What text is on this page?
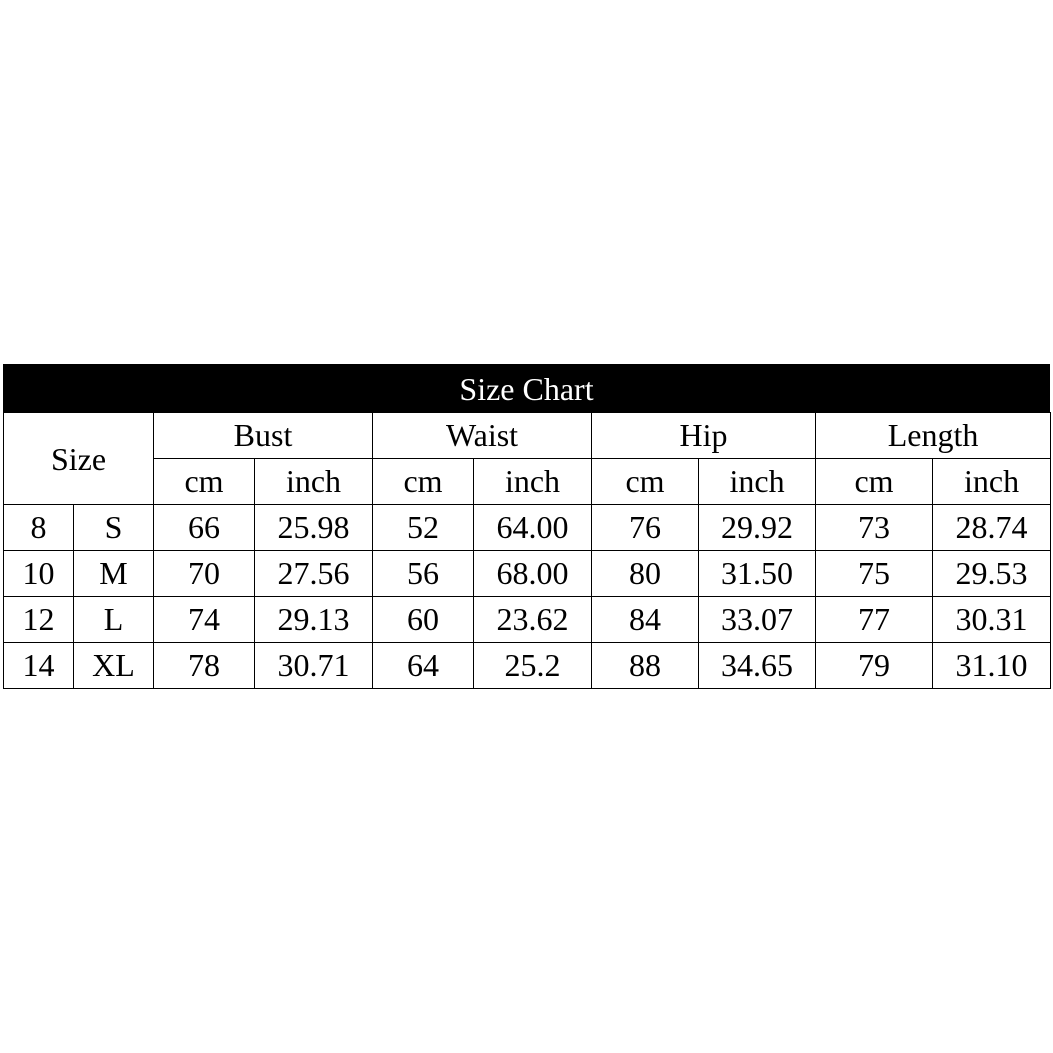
Size Chart
Size		Bust		Waist		Hip		Length	
		cm	inch	cm	inch	cm	inch	cm	inch
8	S	66	25.98	52	64.00	76	29.92	73	28.74
10	M	70	27.56	56	68.00	80	31.50	75	29.53
12	L	74	29.13	60	23.62	84	33.07	77	30.31
14	XL	78	30.71	64	25.2	88	34.65	79	31.10
